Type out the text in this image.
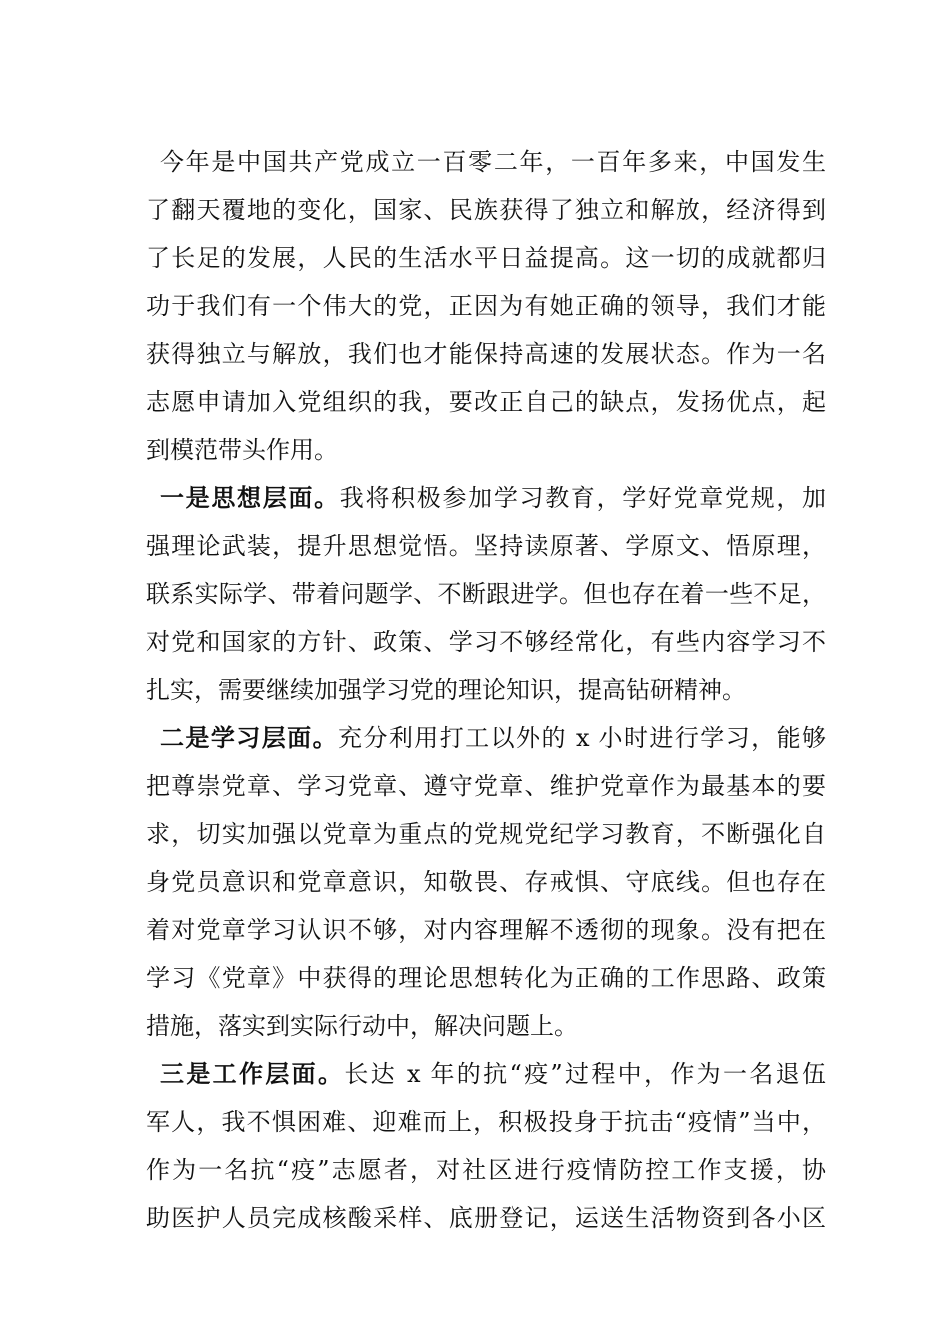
今年是中国共产党成立一百零二年，一百年多来，中国发生
了翻天覆地的变化，国家、民族获得了独立和解放，经济得到
了长足的发展，人民的生活水平日益提高。这一切的成就都归
功于我们有一个伟大的党，正因为有她正确的领导，我们才能
获得独立与解放，我们也才能保持高速的发展状态。作为一名
志愿申请加入党组织的我，要改正自己的缺点，发扬优点，起
到模范带头作用。
一是思想层面。我将积极参加学习教育，学好党章党规，加
强理论武装，提升思想觉悟。坚持读原著、学原文、悟原理，
联系实际学、带着问题学、不断跟进学。但也存在着一些不足，
对党和国家的方针、政策、学习不够经常化，有些内容学习不
扎实，需要继续加强学习党的理论知识，提高钻研精神。
二是学习层面。充分利用打工以外的 x 小时进行学习，能够
把尊崇党章、学习党章、遵守党章、维护党章作为最基本的要
求，切实加强以党章为重点的党规党纪学习教育，不断强化自
身党员意识和党章意识，知敬畏、存戒惧、守底线。但也存在
着对党章学习认识不够，对内容理解不透彻的现象。没有把在
学习《党章》中获得的理论思想转化为正确的工作思路、政策
措施，落实到实际行动中，解决问题上。
三是工作层面。长达 x 年的抗“疫”过程中，作为一名退伍
军人，我不惧困难、迎难而上，积极投身于抗击“疫情”当中，
作为一名抗“疫”志愿者，对社区进行疫情防控工作支援，协
助医护人员完成核酸采样、底册登记，运送生活物资到各小区
